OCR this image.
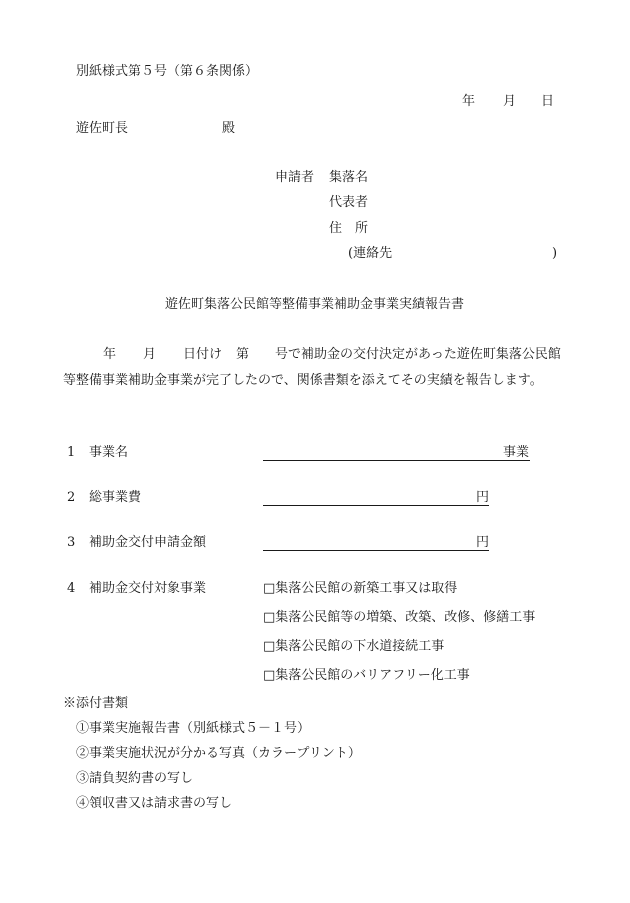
別紙様式第５号（第６条関係）
年 月 日
遊佐町長	殿
申請者 集落名
代表者
住　所
(連絡先	)
遊佐町集落公民館等整備事業補助金事業実績報告書
年 月 日付け 第 号で補助金の交付決定があった遊佐町集落公民館
等整備事業補助金事業が完了したので、関係書類を添えてその実績を報告します。
1 事業名	事業
2 総事業費	円
3 補助金交付申請金額	円
4 補助金交付対象事業	□集落公民館の新築工事又は取得
□集落公民館等の増築、改築、改修、修繕工事
□集落公民館の下水道接続工事
□集落公民館のバリアフリー化工事
※添付書類
①事業実施報告書（別紙様式５－１号）
②事業実施状況が分かる写真（カラープリント）
③請負契約書の写し
④領収書又は請求書の写し
